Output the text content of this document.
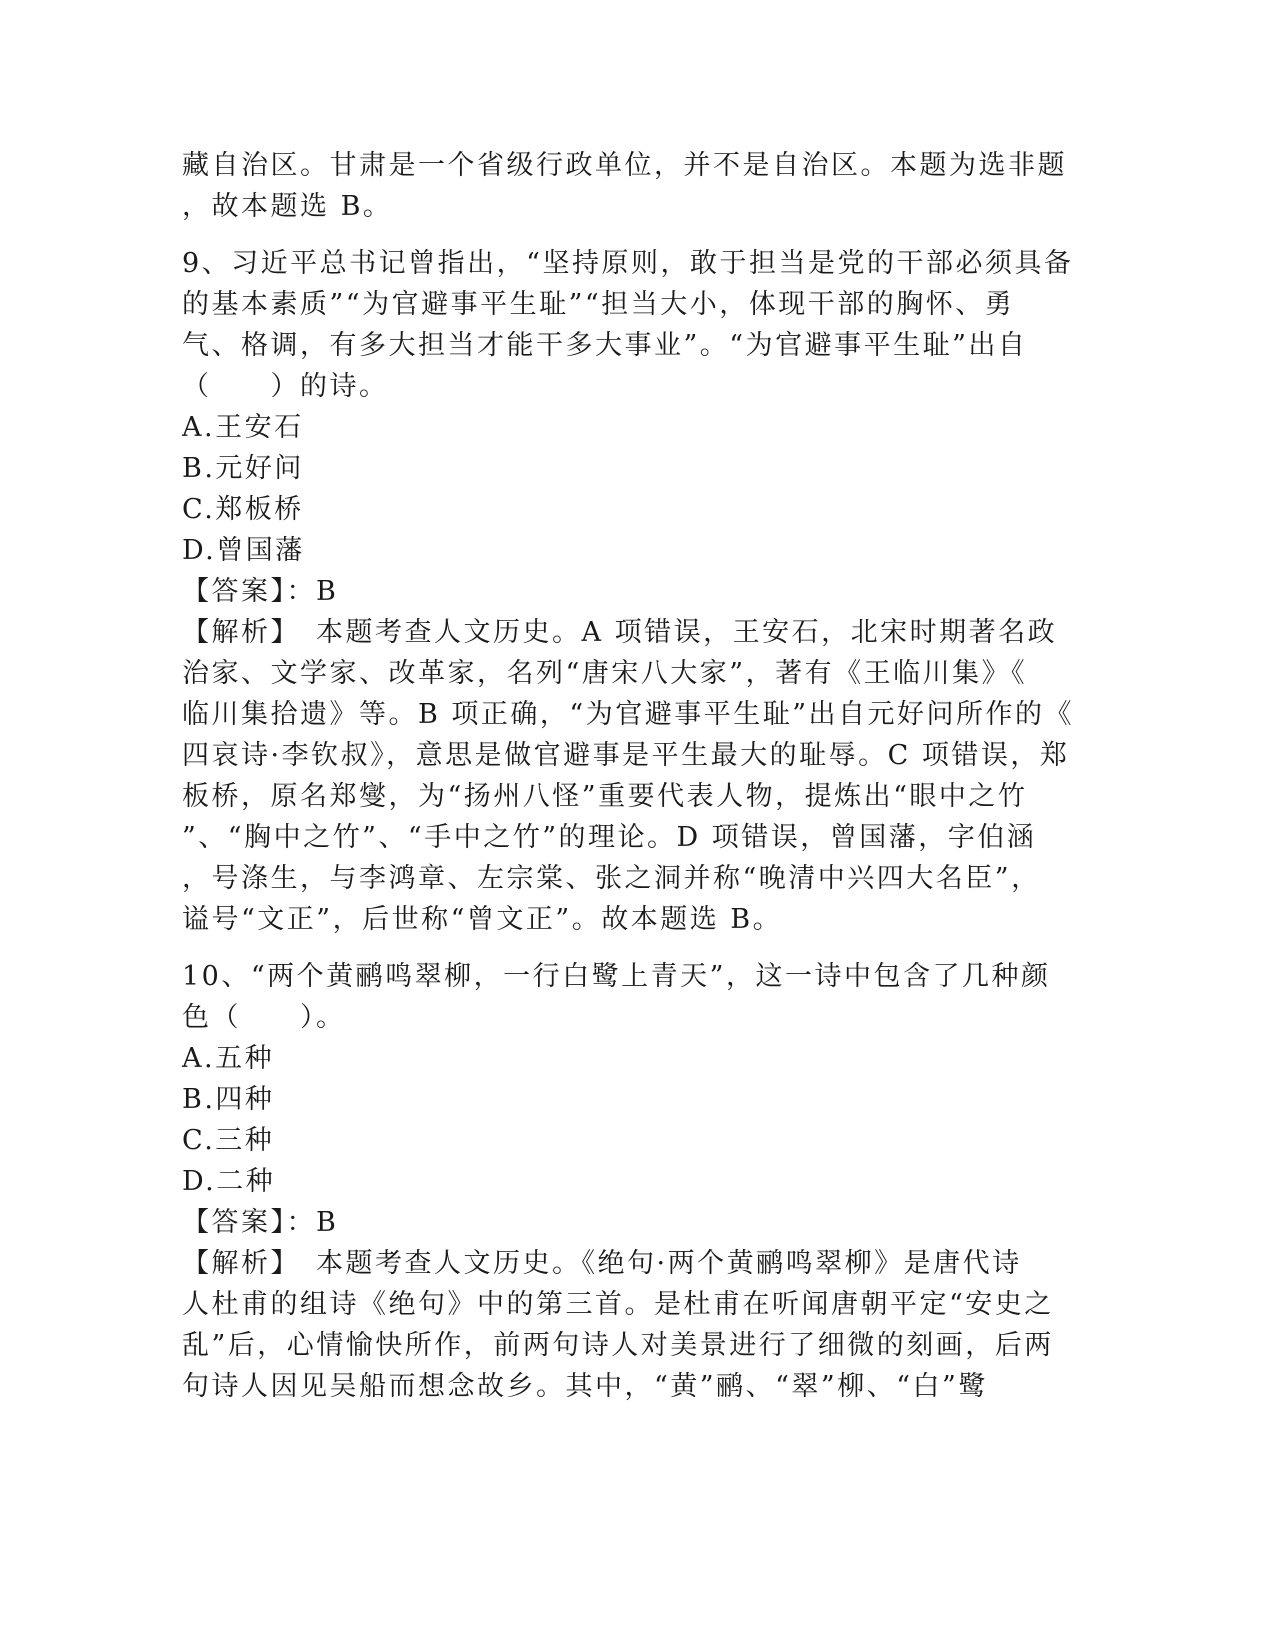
藏自治区。甘肃是一个省级行政单位，并不是自治区。本题为选非题
，故本题选 B。
9、习近平总书记曾指出，“坚持原则，敢于担当是党的干部必须具备
的基本素质”“为官避事平生耻”“担当大小，体现干部的胸怀、勇
气、格调，有多大担当才能干多大事业”。“为官避事平生耻”出自
（　　）的诗。
A.王安石
B.元好问
C.郑板桥
D.曾国藩
【答案】：B
【解析】　本题考查人文历史。A 项错误，王安石，北宋时期著名政
治家、文学家、改革家，名列“唐宋八大家”，著有《王临川集》《
临川集拾遗》等。B 项正确，“为官避事平生耻”出自元好问所作的《
四哀诗·李钦叔》，意思是做官避事是平生最大的耻辱。C 项错误，郑
板桥，原名郑燮，为“扬州八怪”重要代表人物，提炼出“眼中之竹
”、“胸中之竹”、“手中之竹”的理论。D 项错误，曾国藩，字伯涵
，号涤生，与李鸿章、左宗棠、张之洞并称“晚清中兴四大名臣”，
谥号“文正”，后世称“曾文正”。故本题选 B。
10、“两个黄鹂鸣翠柳，一行白鹭上青天”，这一诗中包含了几种颜
色（　　）。
A.五种
B.四种
C.三种
D.二种
【答案】：B
【解析】　本题考查人文历史。《绝句·两个黄鹂鸣翠柳》是唐代诗
人杜甫的组诗《绝句》中的第三首。是杜甫在听闻唐朝平定“安史之
乱”后，心情愉快所作，前两句诗人对美景进行了细微的刻画，后两
句诗人因见吴船而想念故乡。其中，“黄”鹂、“翠”柳、“白”鹭
